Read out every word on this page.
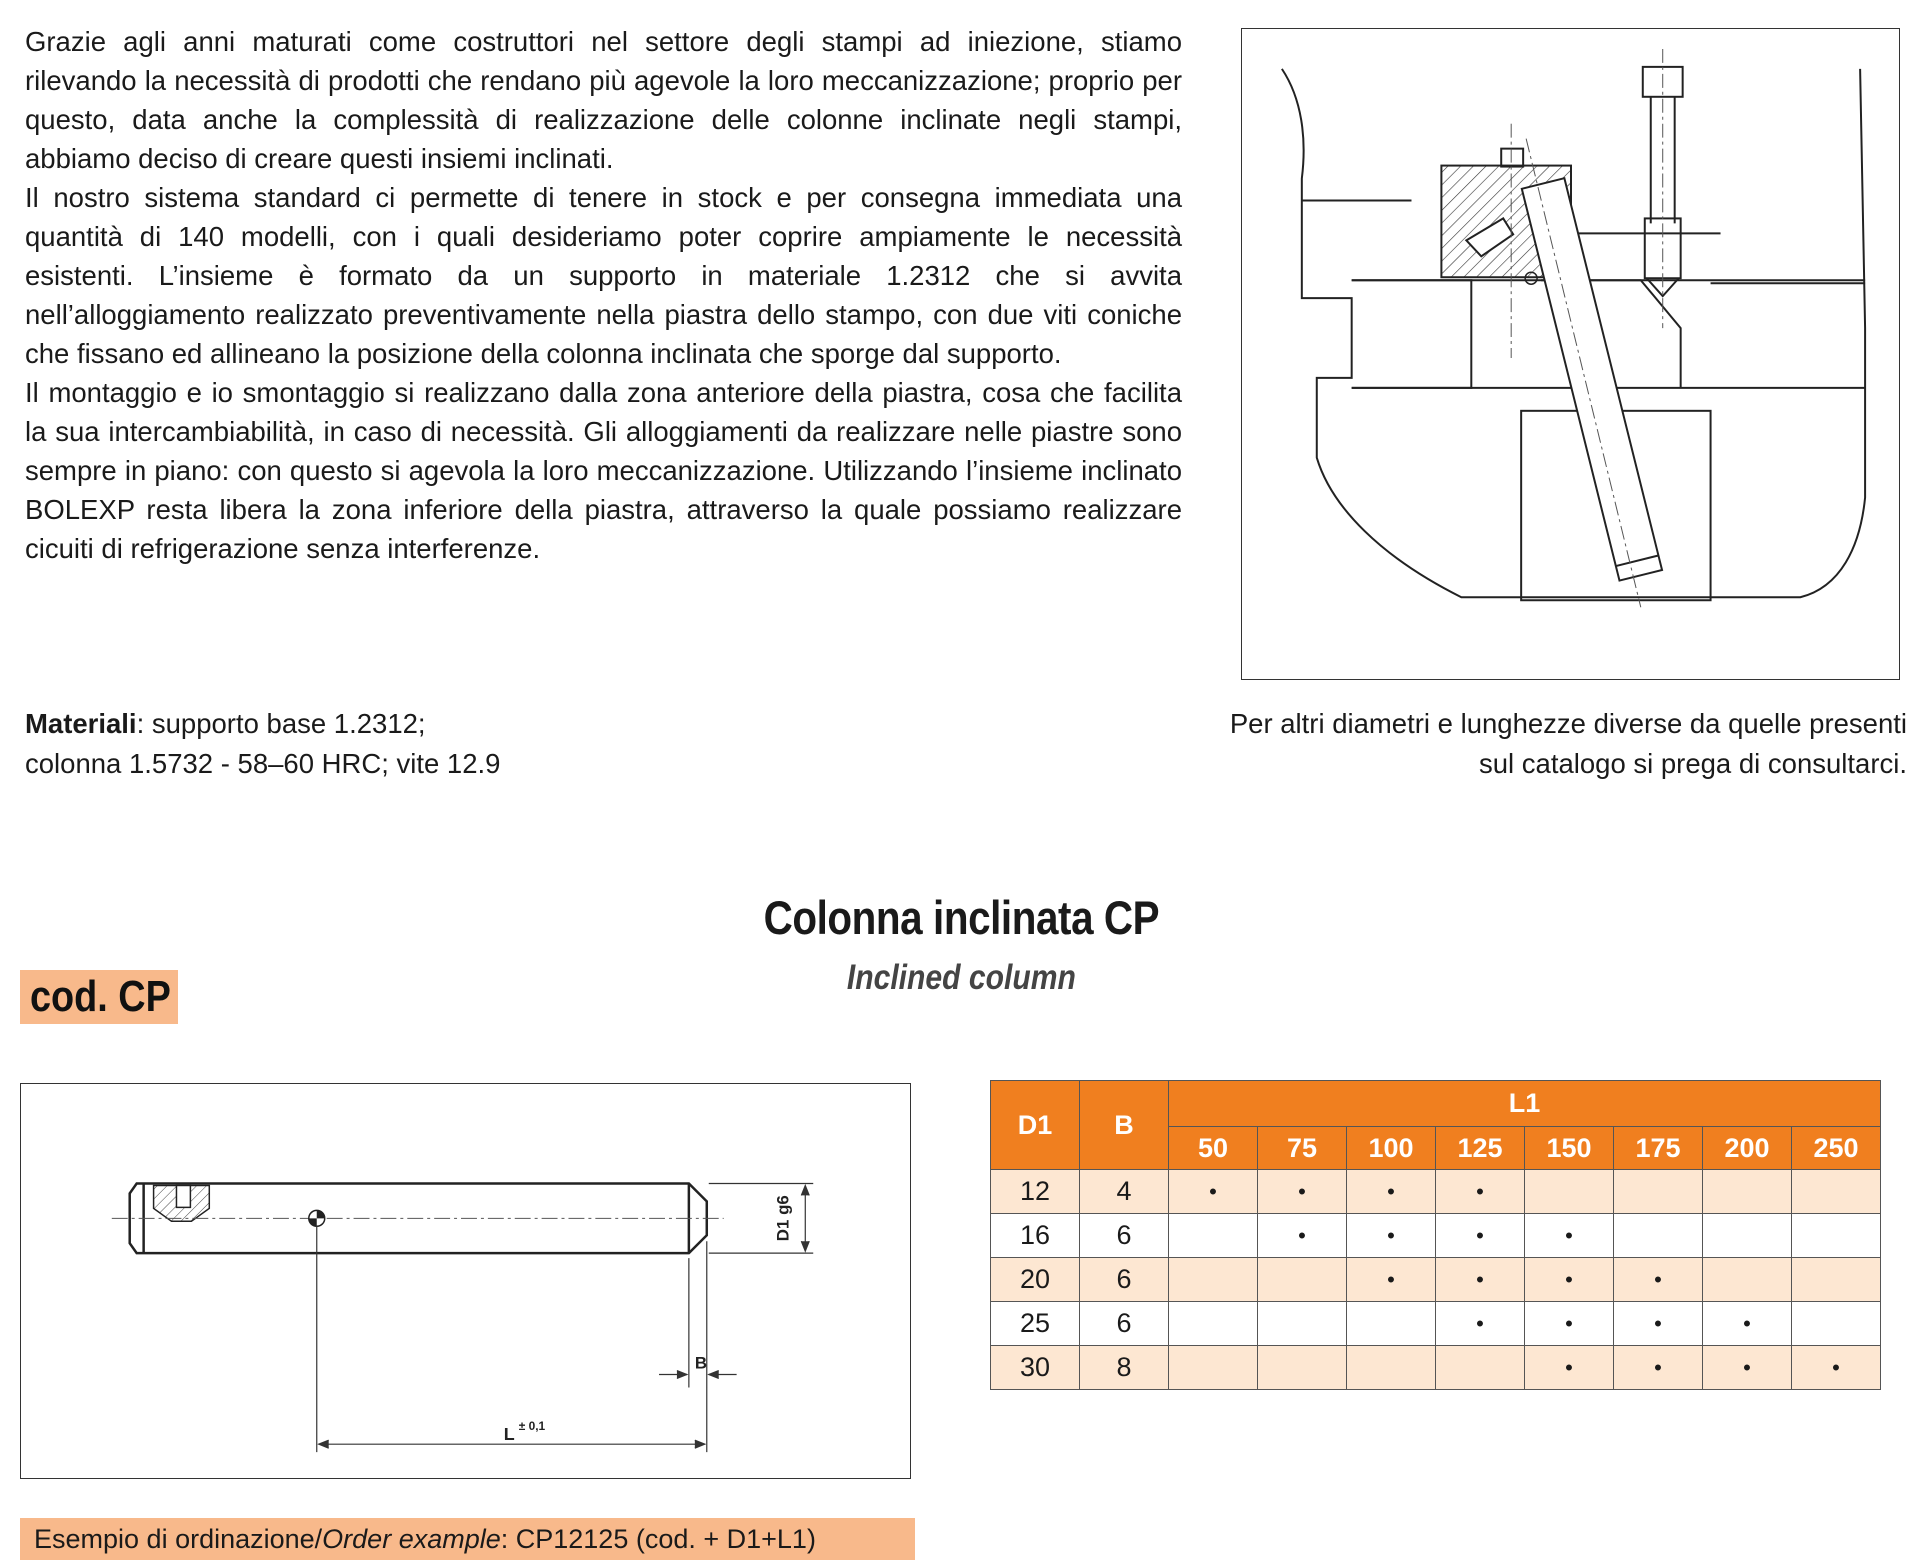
Grazie agli anni maturati come costruttori nel settore degli stampi ad iniezione, stiamo rilevando la necessità di prodotti che rendano più agevole la loro meccanizzazione; proprio per questo, data anche la complessità di realizzazione delle colonne inclinate negli stampi, abbiamo deciso di creare questi insiemi inclinati.

Il nostro sistema standard ci permette di tenere in stock e per consegna immediata una quantità di 140 modelli, con i quali desideriamo poter coprire ampiamente le necessità esistenti. L’insieme è formato da un supporto in materiale 1.2312 che si avvita nell’alloggiamento realizzato preventivamente nella piastra dello stampo, con due viti coniche che fissano ed allineano la posizione della colonna inclinata che sporge dal supporto.

Il montaggio e io smontaggio si realizzano dalla zona anteriore della piastra, cosa che facilita la sua intercambiabilità, in caso di necessità. Gli alloggiamenti da realizzare nelle piastre sono sempre in piano: con questo si agevola la loro meccanizzazione. Utilizzando l’insieme inclinato BOLEXP resta libera la zona inferiore della piastra, attraverso la quale possiamo realizzare cicuiti di refrigerazione senza interferenze.

Materiali: supporto base 1.2312;
colonna 1.5732 - 58–60 HRC; vite 12.9
Per altri diametri e lunghezze diverse da quelle presenti
sul catalogo si prega di consultarci.
Colonna inclinata CP
Inclined column
cod. CP
D1 g6
B
L ± 0,1
Esempio di ordinazione/Order example: CP12125 (cod. + D1+L1)
D1	B	L1							
		50	75	100	125	150	175	200	250
12	4	•	•	•	•				
16	6		•	•	•	•			
20	6			•	•	•	•		
25	6				•	•	•	•	
30	8					•	•	•	•
